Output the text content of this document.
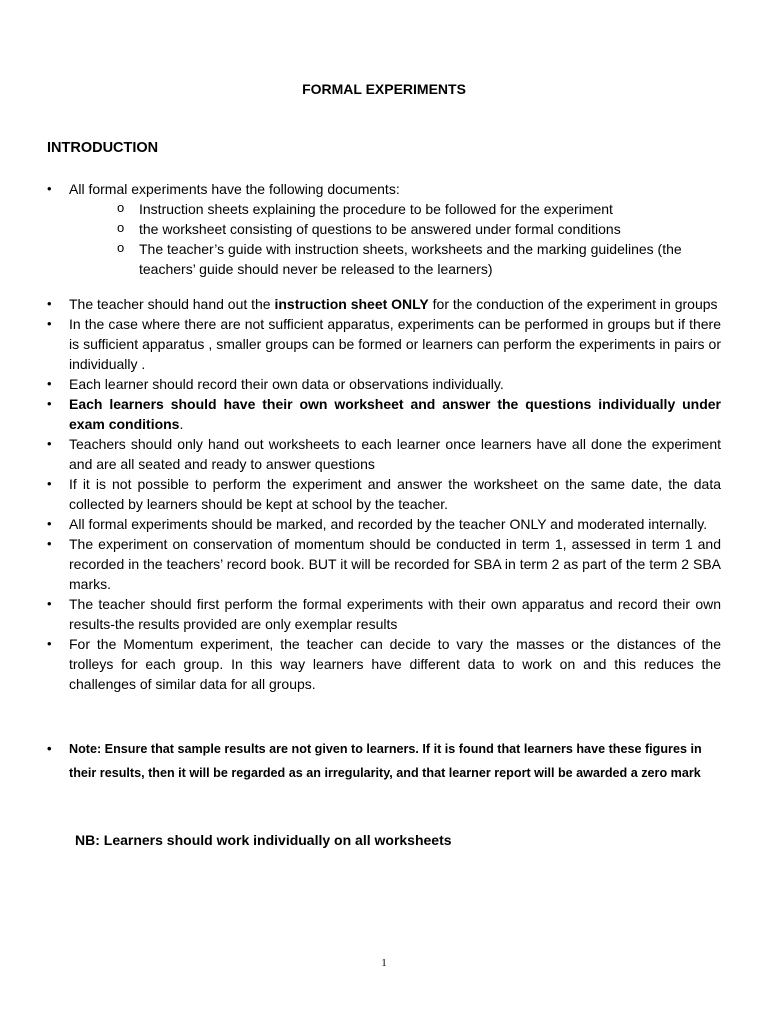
FORMAL EXPERIMENTS
INTRODUCTION
•	All formal experiments have the following documents:
o Instruction sheets explaining the procedure to be followed for the experiment
o the worksheet consisting of questions to be answered under formal conditions
o The teacher’s guide with instruction sheets, worksheets and the marking guidelines (the teachers’ guide should never be released to the learners)
•	The teacher should hand out the instruction sheet ONLY for the conduction of the experiment in groups
•	In the case where there are not sufficient apparatus, experiments can be performed in groups but if there is sufficient apparatus , smaller groups can be formed or learners can perform the experiments in pairs or individually .
•	Each learner should record their own data or observations individually.
•	Each learners should have their own worksheet and answer the questions individually under exam conditions.
•	Teachers should only hand out worksheets to each learner once learners have all done the experiment and are all seated and ready to answer questions
•	If it is not possible to perform the experiment and answer the worksheet on the same date, the data collected by learners should be kept at school by the teacher.
•	All formal experiments should be marked, and recorded by the teacher ONLY and moderated internally.
•	The experiment on conservation of momentum should be conducted in term 1, assessed in term 1 and recorded in the teachers’ record book. BUT it will be recorded for SBA in term 2 as part of the term 2 SBA marks.
•	The teacher should first perform the formal experiments with their own apparatus and record their own results-the results provided are only exemplar results
•	For the Momentum experiment, the teacher can decide to vary the masses or the distances of the trolleys for each group. In this way learners have different data to work on and this reduces the challenges of similar data for all groups.
•	Note: Ensure that sample results are not given to learners. If it is found that learners have these figures in their results, then it will be regarded as an irregularity, and that learner report will be awarded a zero mark
NB: Learners should work individually on all worksheets
1
